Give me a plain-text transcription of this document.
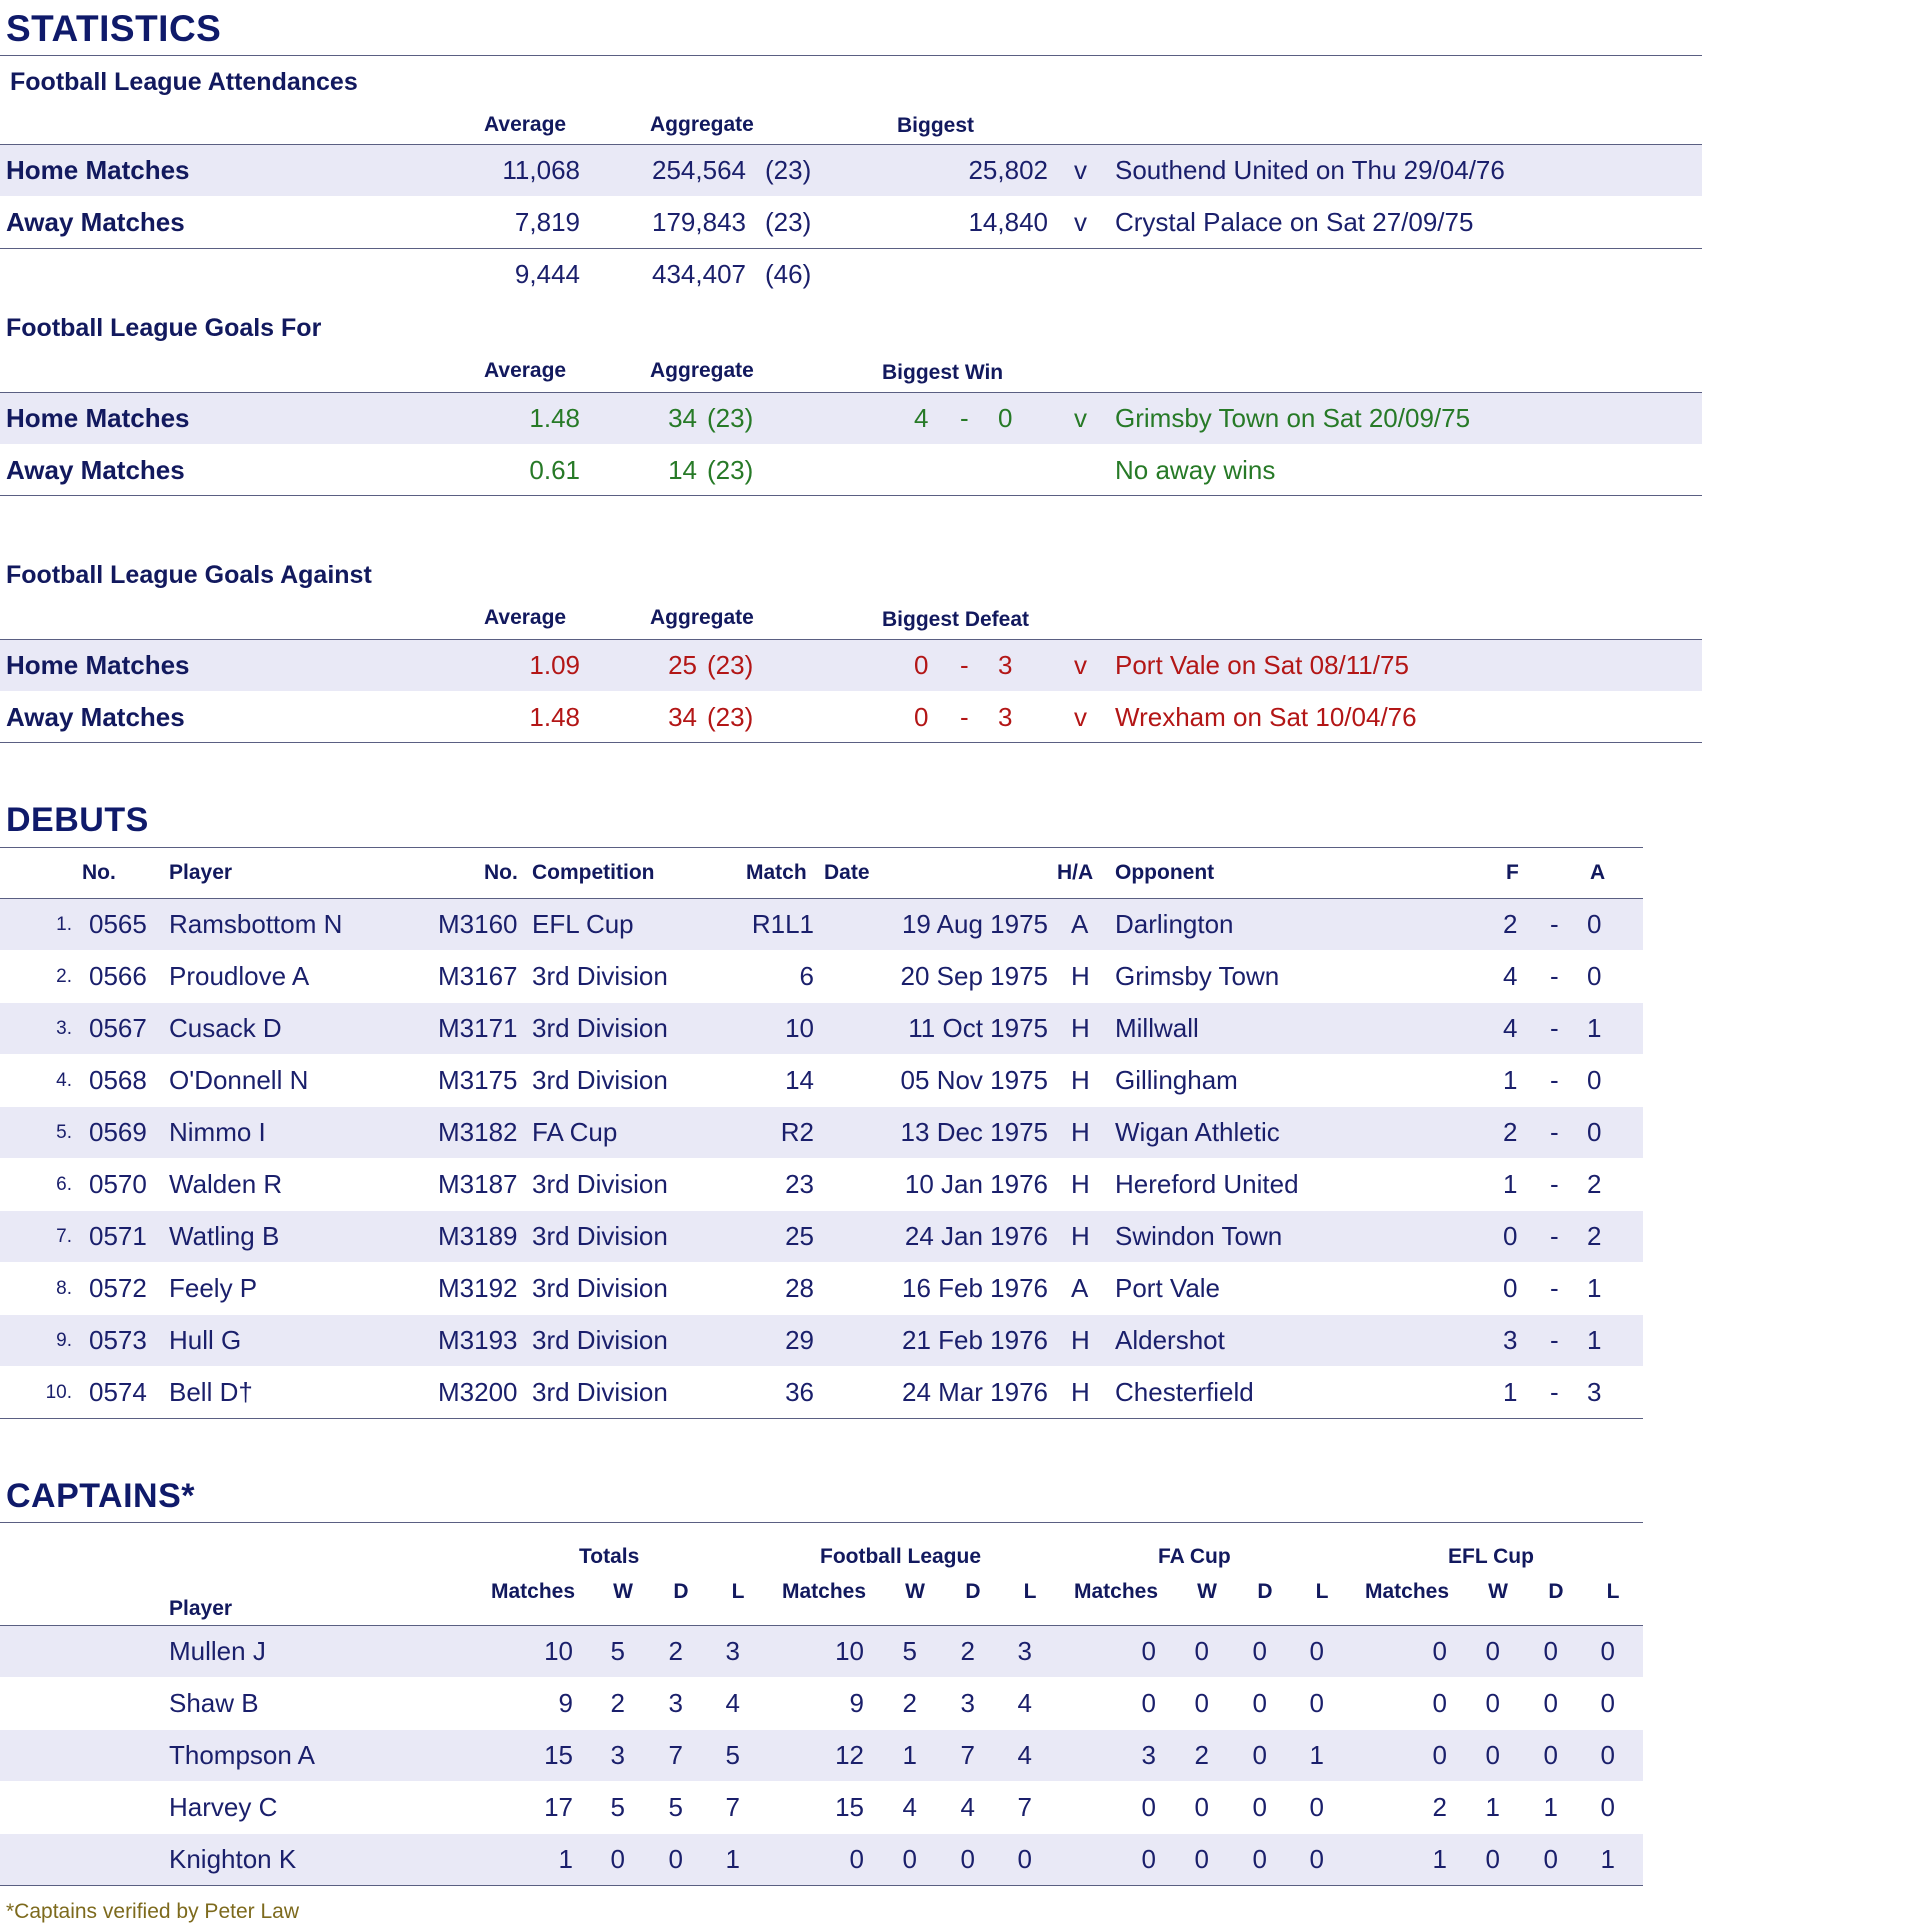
STATISTICS
Football League Attendances
Average	Aggregate	Biggest
Home Matches	11,068	254,564 (23)	25,802 v Southend United on Thu 29/04/76
Away Matches	7,819	179,843 (23)	14,840 v Crystal Palace on Sat 27/09/75
9,444	434,407 (46)
Football League Goals For
Average	Aggregate	Biggest Win
Home Matches	1.48	34 (23)	4 - 0 v Grimsby Town on Sat 20/09/75
Away Matches	0.61	14 (23)	No away wins
Football League Goals Against
Average	Aggregate	Biggest Defeat
Home Matches	1.09	25 (23)	0 - 3 v Port Vale on Sat 08/11/75
Away Matches	1.48	34 (23)	0 - 3 v Wrexham on Sat 10/04/76
DEBUTS
No.	Player	No. Competition	Match Date	H/A Opponent	F	A
1. 0565 Ramsbottom N	M3160 EFL Cup	R1L1	19 Aug 1975 A Darlington	2 - 0
2. 0566 Proudlove A	M3167 3rd Division	6	20 Sep 1975 H Grimsby Town	4 - 0
3. 0567 Cusack D	M3171 3rd Division	10	11 Oct 1975 H Millwall	4 - 1
4. 0568 O'Donnell N	M3175 3rd Division	14	05 Nov 1975 H Gillingham	1 - 0
5. 0569 Nimmo I	M3182 FA Cup	R2	13 Dec 1975 H Wigan Athletic	2 - 0
6. 0570 Walden R	M3187 3rd Division	23	10 Jan 1976 H Hereford United	1 - 2
7. 0571 Watling B	M3189 3rd Division	25	24 Jan 1976 H Swindon Town	0 - 2
8. 0572 Feely P	M3192 3rd Division	28	16 Feb 1976 A Port Vale	0 - 1
9. 0573 Hull G	M3193 3rd Division	29	21 Feb 1976 H Aldershot	3 - 1
10. 0574 Bell D†	M3200 3rd Division	36	24 Mar 1976 H Chesterfield	1 - 3
CAPTAINS*
Totals	Football League	FA Cup	EFL Cup
Player
Matches W D L Matches W D L Matches W D L Matches W D L
Mullen J	10 5 2 3	10 5 2 3	0 0 0 0	0 0 0 0
Shaw B	9 2 3 4	9 2 3 4	0 0 0 0	0 0 0 0
Thompson A	15 3 7 5	12 1 7 4	3 2 0 1	0 0 0 0
Harvey C	17 5 5 7	15 4 4 7	0 0 0 0	2 1 1 0
Knighton K	1 0 0 1	0 0 0 0	0 0 0 0	1 0 0 1
*Captains verified by Peter Law
